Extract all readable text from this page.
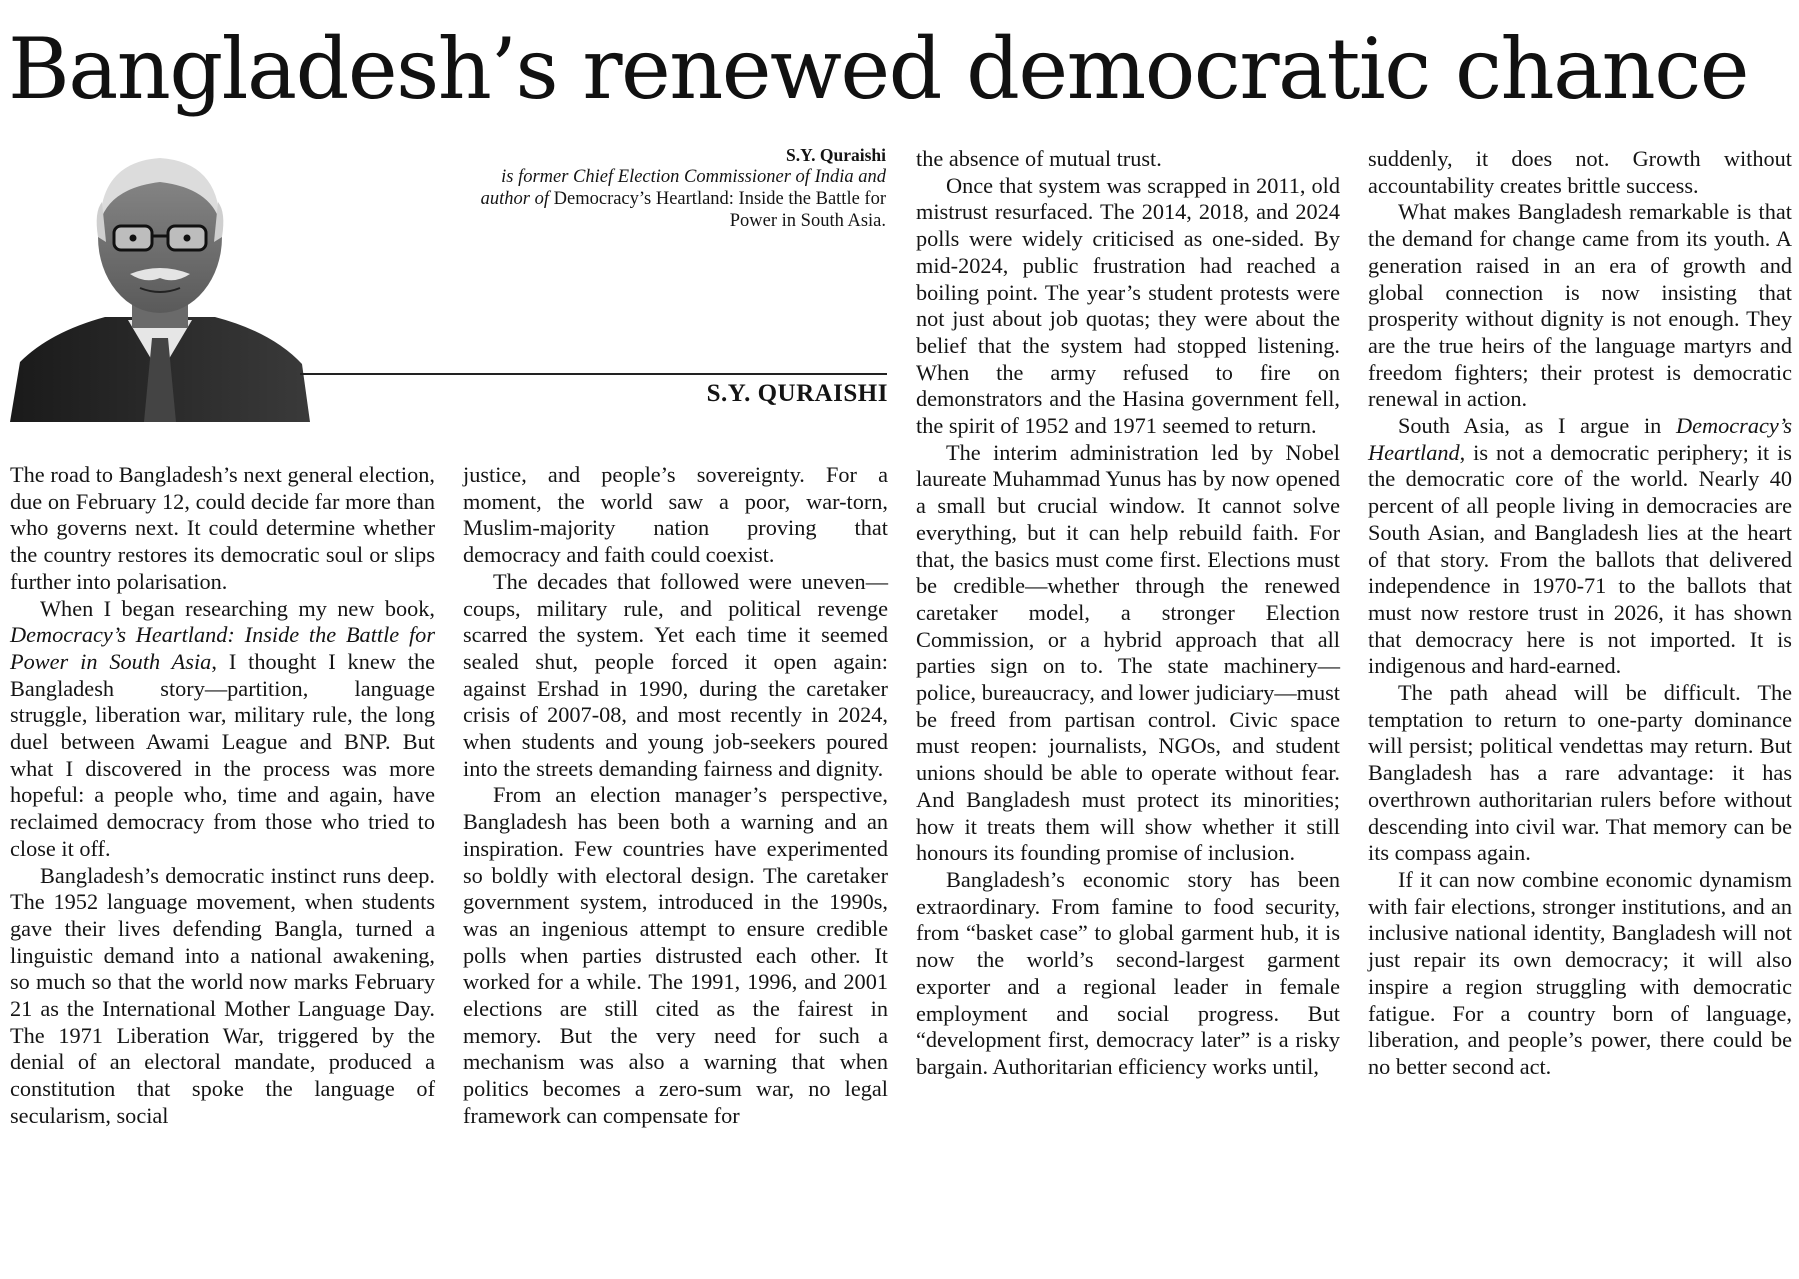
Bangladesh’s renewed democratic chance
S.Y. Quraishi
is former Chief Election Commissioner of India and author of Democracy’s Heartland: Inside the Battle for Power in South Asia.
S.Y. QURAISHI

The road to Bangladesh’s next general election, due on February 12, could decide far more than who governs next. It could determine whether the country restores its democratic soul or slips further into polarisation.

When I began researching my new book, Democracy’s Heartland: Inside the Battle for Power in South Asia, I thought I knew the Bangladesh story—partition, language struggle, liberation war, military rule, the long duel between Awami League and BNP. But what I discovered in the process was more hopeful: a people who, time and again, have reclaimed democracy from those who tried to close it off.

Bangladesh’s democratic instinct runs deep. The 1952 language movement, when students gave their lives defending Bangla, turned a linguistic demand into a national awakening, so much so that the world now marks February 21 as the International Mother Language Day. The 1971 Liberation War, triggered by the denial of an electoral mandate, produced a constitution that spoke the language of secularism, social

justice, and people’s sovereignty. For a moment, the world saw a poor, war-torn, Muslim-majority nation proving that democracy and faith could coexist.

The decades that followed were uneven—coups, military rule, and political revenge scarred the system. Yet each time it seemed sealed shut, people forced it open again: against Ershad in 1990, during the caretaker crisis of 2007-08, and most recently in 2024, when students and young job-seekers poured into the streets demanding fairness and dignity.

From an election manager’s perspective, Bangladesh has been both a warning and an inspiration. Few countries have experimented so boldly with electoral design. The caretaker government system, introduced in the 1990s, was an ingenious attempt to ensure credible polls when parties distrusted each other. It worked for a while. The 1991, 1996, and 2001 elections are still cited as the fairest in memory. But the very need for such a mechanism was also a warning that when politics becomes a zero-sum war, no legal framework can compensate for

the absence of mutual trust.

Once that system was scrapped in 2011, old mistrust resurfaced. The 2014, 2018, and 2024 polls were widely criticised as one-sided. By mid-2024, public frustration had reached a boiling point. The year’s student protests were not just about job quotas; they were about the belief that the system had stopped listening. When the army refused to fire on demonstrators and the Hasina government fell, the spirit of 1952 and 1971 seemed to return.

The interim administration led by Nobel laureate Muhammad Yunus has by now opened a small but crucial window. It cannot solve everything, but it can help rebuild faith. For that, the basics must come first. Elections must be credible—whether through the renewed caretaker model, a stronger Election Commission, or a hybrid approach that all parties sign on to. The state machinery—police, bureaucracy, and lower judiciary—must be freed from partisan control. Civic space must reopen: journalists, NGOs, and student unions should be able to operate without fear. And Bangladesh must protect its minorities; how it treats them will show whether it still honours its founding promise of inclusion.

Bangladesh’s economic story has been extraordinary. From famine to food security, from “basket case” to global garment hub, it is now the world’s second-largest garment exporter and a regional leader in female employment and social progress. But “development first, democracy later” is a risky bargain. Authoritarian efficiency works until,

suddenly, it does not. Growth without accountability creates brittle success.

What makes Bangladesh remarkable is that the demand for change came from its youth. A generation raised in an era of growth and global connection is now insisting that prosperity without dignity is not enough. They are the true heirs of the language martyrs and freedom fighters; their protest is democratic renewal in action.

South Asia, as I argue in Democracy’s Heartland, is not a democratic periphery; it is the democratic core of the world. Nearly 40 percent of all people living in democracies are South Asian, and Bangladesh lies at the heart of that story. From the ballots that delivered independence in 1970-71 to the ballots that must now restore trust in 2026, it has shown that democracy here is not imported. It is indigenous and hard-earned.

The path ahead will be difficult. The temptation to return to one-party dominance will persist; political vendettas may return. But Bangladesh has a rare advantage: it has overthrown authoritarian rulers before without descending into civil war. That memory can be its compass again.

If it can now combine economic dynamism with fair elections, stronger institutions, and an inclusive national identity, Bangladesh will not just repair its own democracy; it will also inspire a region struggling with democratic fatigue. For a country born of language, liberation, and people’s power, there could be no better second act.
